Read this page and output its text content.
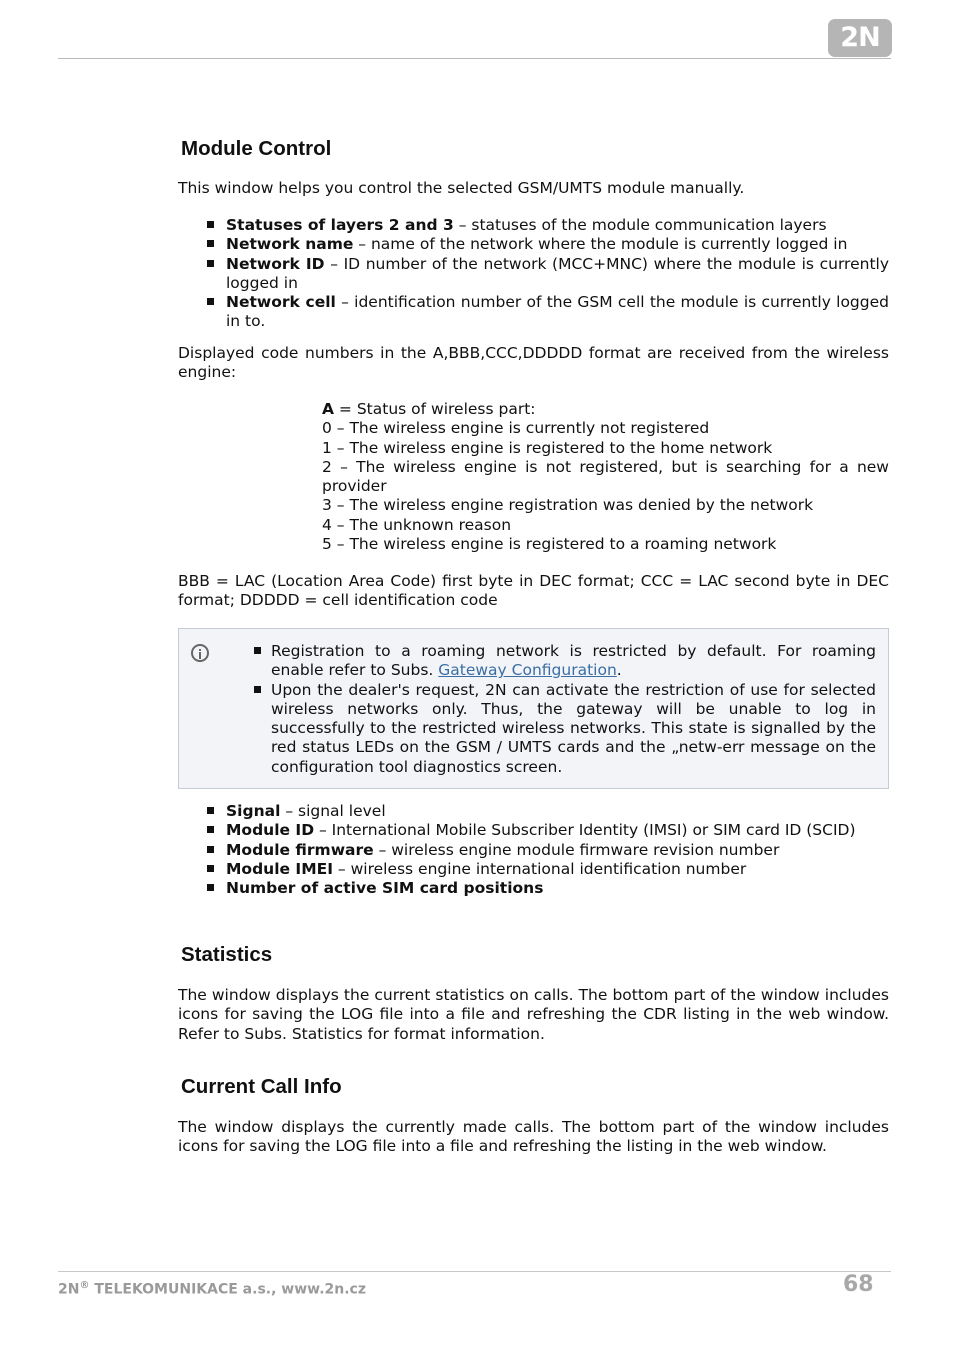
2N
Module Control

This window helps you control the selected GSM/UMTS module manually.

Statuses of layers 2 and 3 – statuses of the module communication layers
Network name – name of the network where the module is currently logged in
Network ID – ID number of the network (MCC+MNC) where the module is currently logged in
Network cell – identification number of the GSM cell the module is currently logged in to.

Displayed code numbers in the A,BBB,CCC,DDDDD format are received from the wireless engine:

A = Status of wireless part:
0 – The wireless engine is currently not registered
1 – The wireless engine is registered to the home network
2 – The wireless engine is not registered, but is searching for a new provider
3 – The wireless engine registration was denied by the network
4 – The unknown reason
5 – The wireless engine is registered to a roaming network

BBB = LAC (Location Area Code) first byte in DEC format; CCC = LAC second byte in DEC format; DDDDD = cell identification code

Registration to a roaming network is restricted by default. For roaming enable refer to Subs. Gateway Configuration.
Upon the dealer's request, 2N can activate the restriction of use for selected wireless networks only. Thus, the gateway will be unable to log in successfully to the restricted wireless networks. This state is signalled by the red status LEDs on the GSM / UMTS cards and the „netw-err message on the configuration tool diagnostics screen.
Signal – signal level
Module ID – International Mobile Subscriber Identity (IMSI) or SIM card ID (SCID)
Module firmware – wireless engine module firmware revision number
Module IMEI – wireless engine international identification number
Number of active SIM card positions
Statistics

The window displays the current statistics on calls. The bottom part of the window includes icons for saving the LOG file into a file and refreshing the CDR listing in the web window. Refer to Subs. Statistics for format information.

Current Call Info

The window displays the currently made calls. The bottom part of the window includes icons for saving the LOG file into a file and refreshing the listing in the web window.

2N® TELEKOMUNIKACE a.s., www.2n.cz	68
